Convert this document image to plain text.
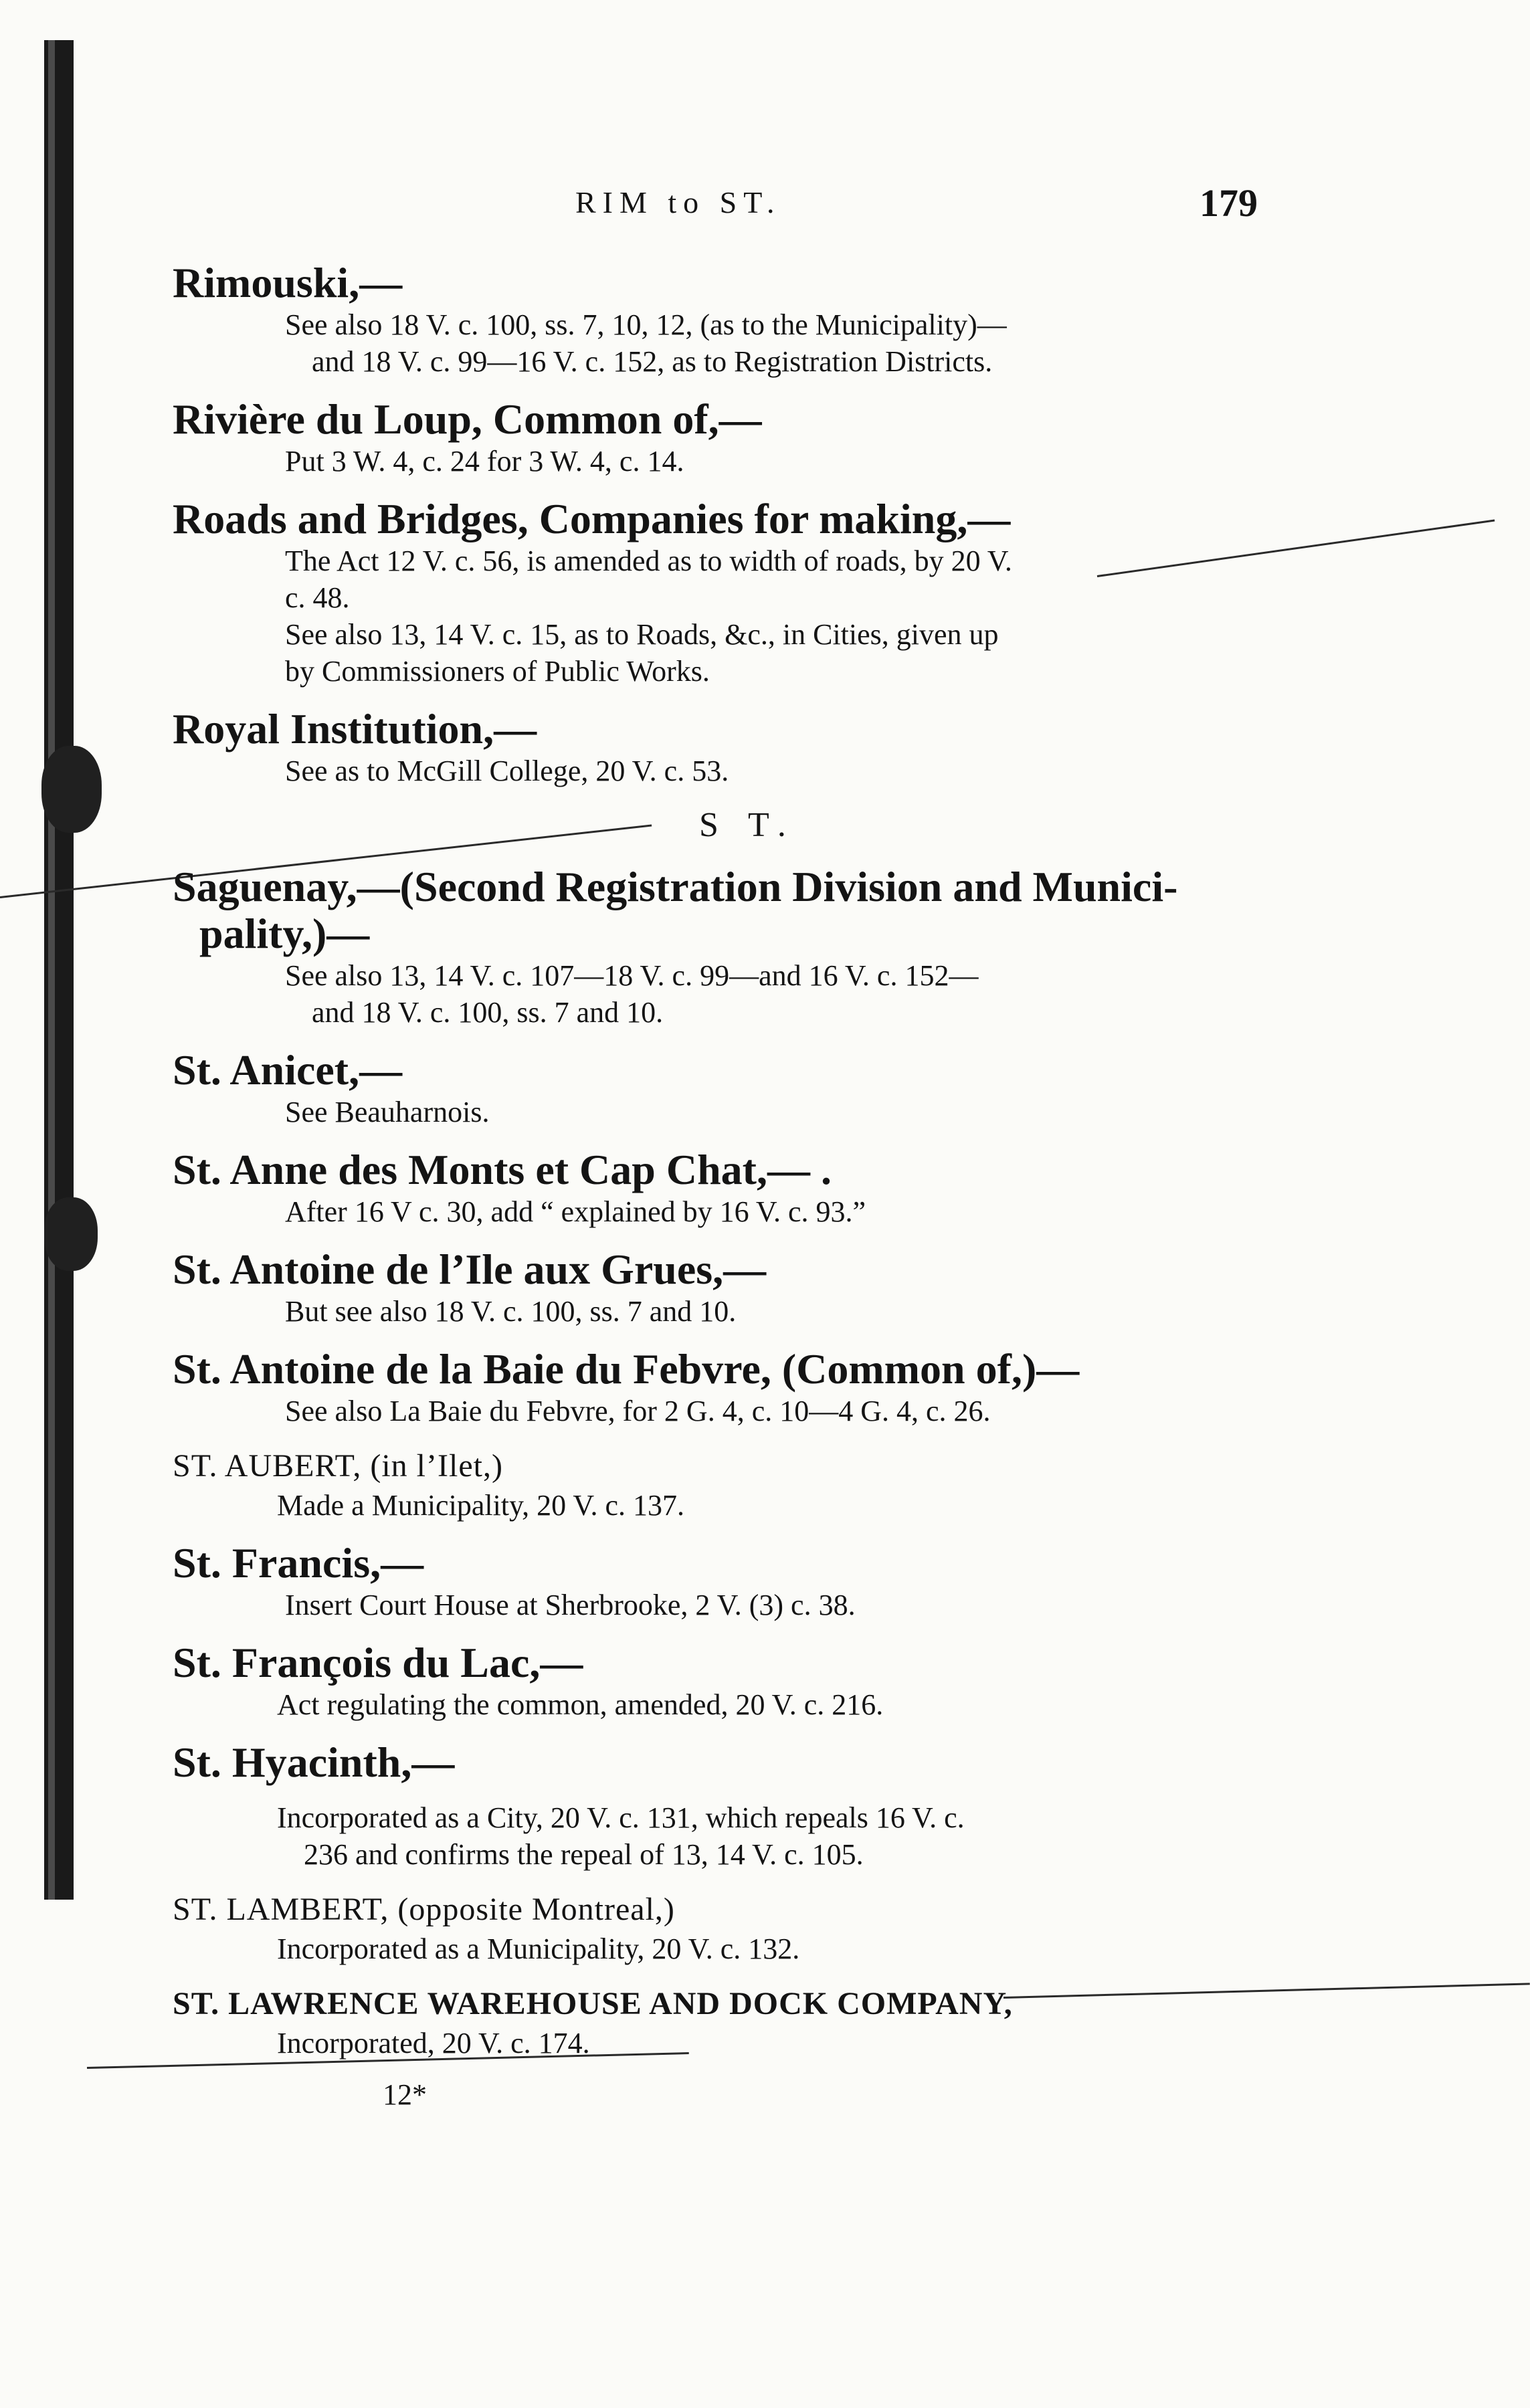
RIM to ST.	179
Rimouski,—
See also 18 V. c. 100, ss. 7, 10, 12, (as to the Municipality)—
and 18 V. c. 99—16 V. c. 152, as to Registration Districts.
Rivière du Loup, Common of,—
Put 3 W. 4, c. 24 for 3 W. 4, c. 14.
Roads and Bridges, Companies for making,—
The Act 12 V. c. 56, is amended as to width of roads, by 20 V.
c. 48.
See also 13, 14 V. c. 15, as to Roads, &c., in Cities, given up
by Commissioners of Public Works.
Royal Institution,—
See as to McGill College, 20 V. c. 53.
S T.
Saguenay,—(Second Registration Division and Munici-
pality,)—
See also 13, 14 V. c. 107—18 V. c. 99—and 16 V. c. 152—
and 18 V. c. 100, ss. 7 and 10.
St. Anicet,—
See Beauharnois.
St. Anne des Monts et Cap Chat,— .
After 16 V c. 30, add “ explained by 16 V. c. 93.”
St. Antoine de l’Ile aux Grues,—
But see also 18 V. c. 100, ss. 7 and 10.
St. Antoine de la Baie du Febvre, (Common of,)—
See also La Baie du Febvre, for 2 G. 4, c. 10—4 G. 4, c. 26.
ST. AUBERT, (in l’Ilet,)
Made a Municipality, 20 V. c. 137.
St. Francis,—
Insert Court House at Sherbrooke, 2 V. (3) c. 38.
St. François du Lac,—
Act regulating the common, amended, 20 V. c. 216.
St. Hyacinth,—
Incorporated as a City, 20 V. c. 131, which repeals 16 V. c.
236 and confirms the repeal of 13, 14 V. c. 105.
ST. LAMBERT, (opposite Montreal,)
Incorporated as a Municipality, 20 V. c. 132.
ST. LAWRENCE WAREHOUSE AND DOCK COMPANY,
Incorporated, 20 V. c. 174.
12*
